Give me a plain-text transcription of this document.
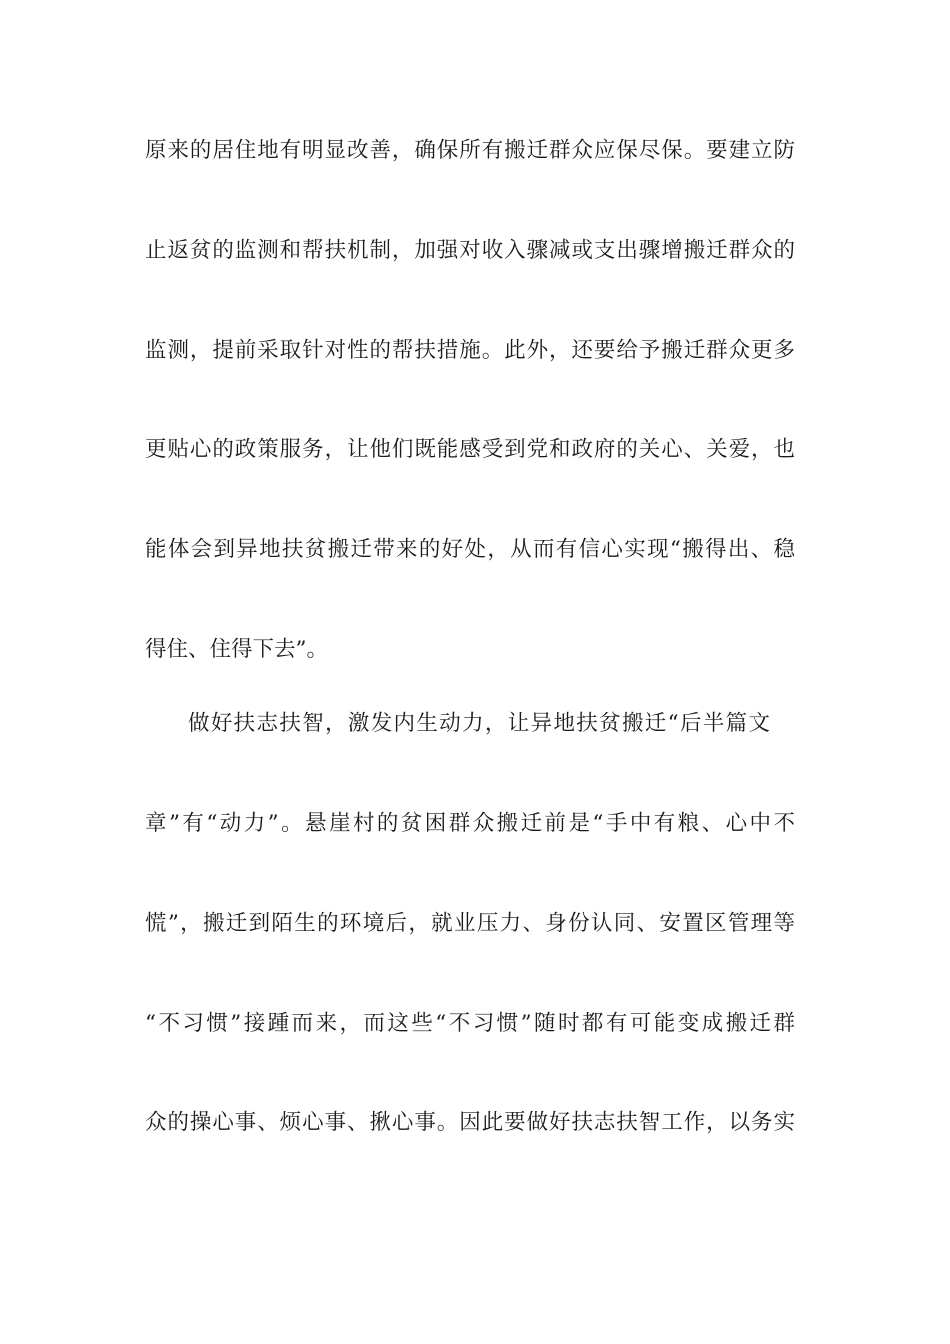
原来的居住地有明显改善，确保所有搬迁群众应保尽保。要建立防
止返贫的监测和帮扶机制，加强对收入骤减或支出骤增搬迁群众的
监测，提前采取针对性的帮扶措施。此外，还要给予搬迁群众更多
更贴心的政策服务，让他们既能感受到党和政府的关心、关爱，也
能体会到异地扶贫搬迁带来的好处，从而有信心实现“搬得出、稳
得住、住得下去”。
做好扶志扶智，激发内生动力，让异地扶贫搬迁“后半篇文
章”有“动力”。悬崖村的贫困群众搬迁前是“手中有粮、心中不
慌”，搬迁到陌生的环境后，就业压力、身份认同、安置区管理等
“不习惯”接踵而来，而这些“不习惯”随时都有可能变成搬迁群
众的操心事、烦心事、揪心事。因此要做好扶志扶智工作，以务实
